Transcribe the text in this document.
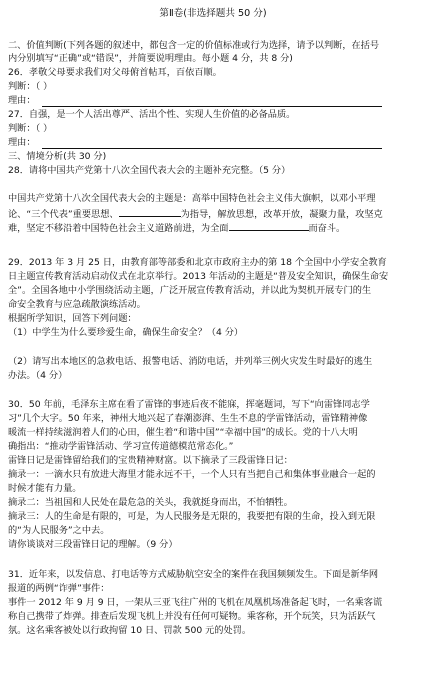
第Ⅱ卷(非选择题共 50 分)
二、价值判断(下列各题的叙述中，都包含一定的价值标准或行为选择，请予以判断，在括号
内分别填写“正确”或“错误”，并简要说明理由。每小题 4 分，共 8 分)
26．孝敬父母要求我们对父母俯首帖耳，百依百顺。
判断：（ ）
理由：
27．自强，是一个人活出尊严、活出个性、实现人生价值的必备品质。
判断：（ ）
理由：
三、情境分析(共 30 分)
28．请将中国共产党第十八次全国代表大会的主题补充完整。（5 分）
中国共产党第十八次全国代表大会的主题是：高举中国特色社会主义伟大旗帜，以邓小平理
论、“三个代表”重要思想、	为指导，解放思想，改革开放，凝聚力量，攻坚克
难，坚定不移沿着中国特色社会主义道路前进，为全面	而奋斗。
29．2013 年 3 月 25 日，由教育部等部委和北京市政府主办的第 18 个全国中小学安全教育
日主题宣传教育活动启动仪式在北京举行。2013 年活动的主题是“普及安全知识，确保生命安
全”。全国各地中小学围绕活动主题，广泛开展宣传教育活动，并以此为契机开展专门的生
命安全教育与应急疏散演练活动。
根据所学知识，回答下列问题：
（1）中学生为什么要珍爱生命，确保生命安全？（4 分）
（2）请写出本地区的急救电话、报警电话、消防电话，并列举三例火灾发生时最好的逃生
办法。（4 分）
30．50 年前，毛泽东主席在看了雷锋的事迹后夜不能寐，挥毫题词，写下“向雷锋同志学
习”几个大字。50 年来，神州大地兴起了春潮澎湃、生生不息的学雷锋活动，雷锋精神像
暖流一样持续滋润着人们的心田，催生着“和谐中国”“幸福中国”的成长。党的十八大明
确指出：“推动学雷锋活动、学习宣传道德模范常态化。”
雷锋日记是雷锋留给我们的宝贵精神财富。以下摘录了三段雷锋日记：
摘录一：一滴水只有放进大海里才能永远不干，一个人只有当把自己和集体事业融合一起的
时候才能有力量。
摘录二：当祖国和人民处在最危急的关头，我就挺身而出，不怕牺牲。
摘录三：人的生命是有限的，可是，为人民服务是无限的，我要把有限的生命，投入到无限
的“为人民服务”之中去。
请你谈谈对三段雷锋日记的理解。（9 分）
31．近年来，以发信息、打电话等方式威胁航空安全的案件在我国频频发生。下面是新华网
报道的两例“诈弹”事件：
事件一 2012 年 9 月 9 日，一架从三亚飞往广州的飞机在凤凰机场准备起飞时，一名乘客谎
称自己携带了炸弹。排查后发现飞机上并没有任何可疑物。乘客称，开个玩笑，只为活跃气
氛。这名乘客被处以行政拘留 10 日、罚款 500 元的处罚。
